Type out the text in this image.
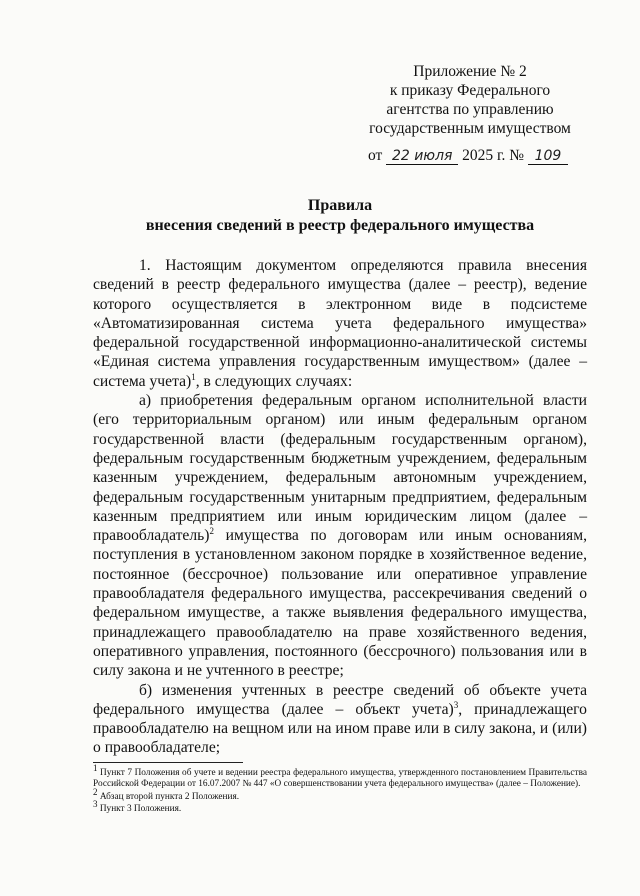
Приложение № 2
к приказу Федерального
агентства по управлению
государственным имуществом
от 22 июля 2025 г. № 109
Правила
внесения сведений в реестр федерального имущества

1. Настоящим документом определяются правила внесения сведений в реестр федерального имущества (далее – реестр), ведение которого осуществляется в электронном виде в подсистеме «Автоматизированная система учета федерального имущества» федеральной государственной информационно-аналитической системы «Единая система управления государственным имуществом» (далее – система учета)$^1$, в следующих случаях:

а) приобретения федеральным органом исполнительной власти (его территориальным органом) или иным федеральным органом государственной власти (федеральным государственным органом), федеральным государственным бюджетным учреждением, федеральным казенным учреждением, федеральным автономным учреждением, федеральным государственным унитарным предприятием, федеральным казенным предприятием или иным юридическим лицом (далее – правообладатель)$^2$ имущества по договорам или иным основаниям, поступления в установленном законом порядке в хозяйственное ведение, постоянное (бессрочное) пользование или оперативное управление правообладателя федерального имущества, рассекречивания сведений о федеральном имуществе, а также выявления федерального имущества, принадлежащего правообладателю на праве хозяйственного ведения, оперативного управления, постоянного (бессрочного) пользования или в силу закона и не учтенного в реестре;

б) изменения учтенных в реестре сведений об объекте учета федерального имущества (далее – объект учета)$^3$, принадлежащего правообладателю на вещном или на ином праве или в силу закона, и (или) о правообладателе;

$^1$ Пункт 7 Положения об учете и ведении реестра федерального имущества, утвержденного постановлением Правительства Российской Федерации от 16.07.2007 № 447 «О совершенствовании учета федерального имущества» (далее – Положение).

$^2$ Абзац второй пункта 2 Положения.

$^3$ Пункт 3 Положения.
